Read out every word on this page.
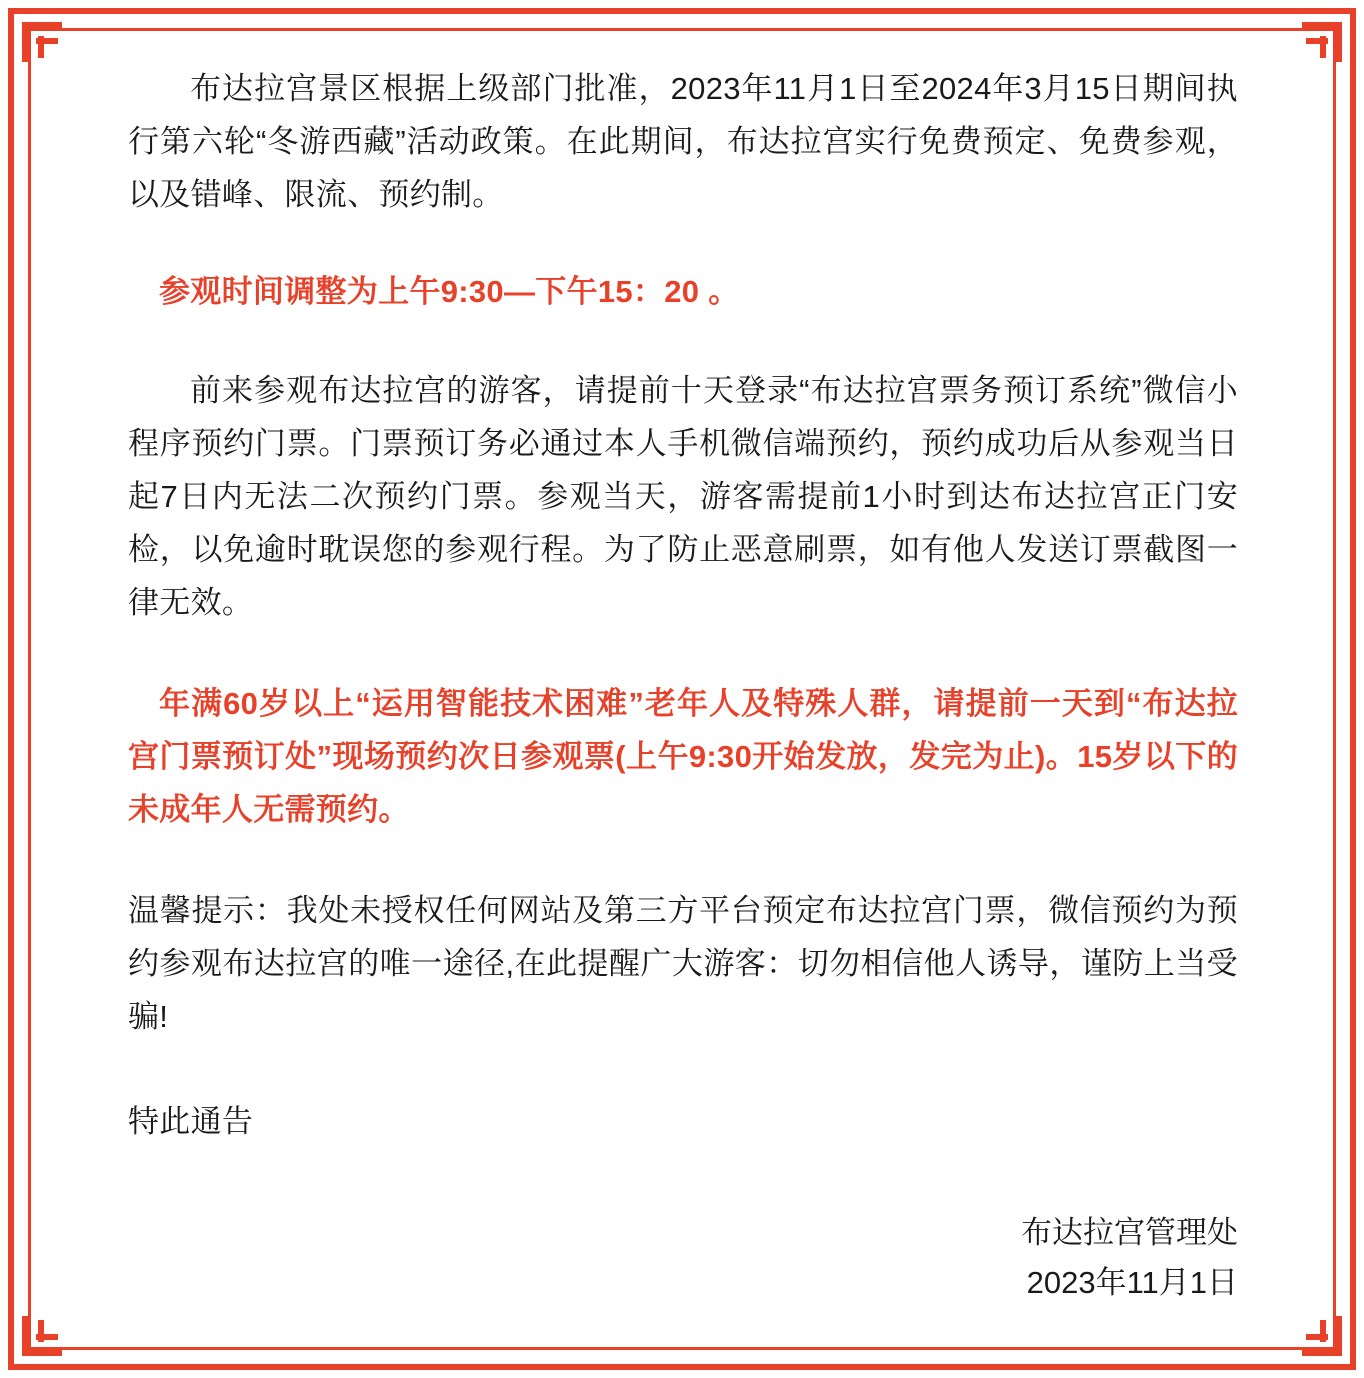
布达拉宫景区根据上级部门批准，2023年11月1日至2024年3月15日期间执行第六轮“冬游西藏”活动政策。在此期间，布达拉宫实行免费预定、免费参观，以及错峰、限流、预约制。

参观时间调整为上午9:30—下午15：20 。

前来参观布达拉宫的游客，请提前十天登录“布达拉宫票务预订系统”微信小程序预约门票。门票预订务必通过本人手机微信端预约，预约成功后从参观当日起7日内无法二次预约门票。参观当天，游客需提前1小时到达布达拉宫正门安检，以免逾时耽误您的参观行程。为了防止恶意刷票，如有他人发送订票截图一律无效。

年满60岁以上“运用智能技术困难”老年人及特殊人群，请提前一天到“布达拉宫门票预订处”现场预约次日参观票(上午9:30开始发放，发完为止)。15岁以下的未成年人无需预约。

温馨提示：我处未授权任何网站及第三方平台预定布达拉宫门票，微信预约为预约参观布达拉宫的唯一途径,在此提醒广大游客：切勿相信他人诱导，谨防上当受骗!

特此通告

布达拉宫管理处
2023年11月1日
